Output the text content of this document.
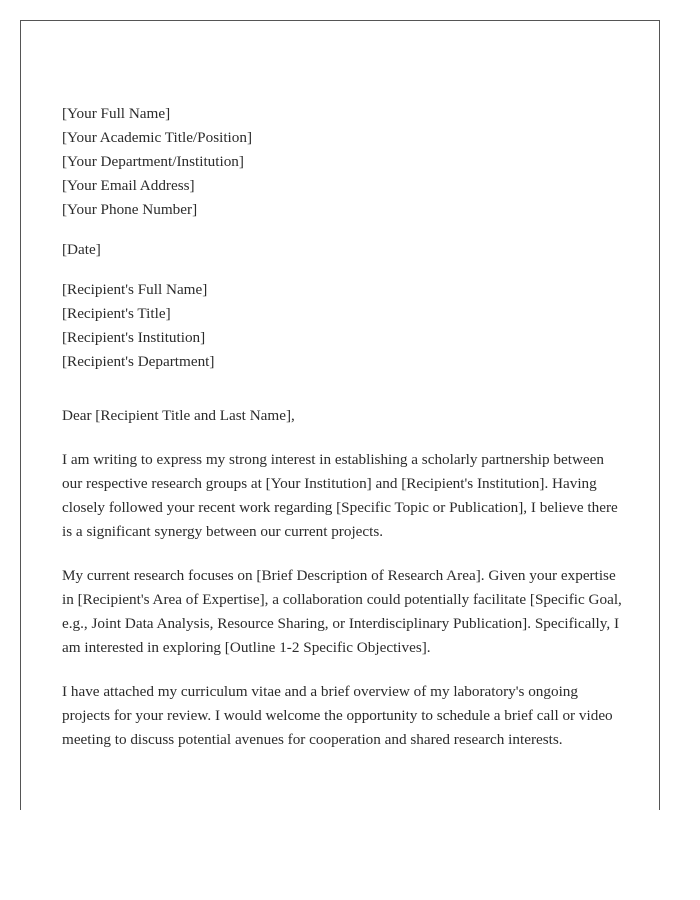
[Your Full Name]
[Your Academic Title/Position]
[Your Department/Institution]
[Your Email Address]
[Your Phone Number]
[Date]
[Recipient's Full Name]
[Recipient's Title]
[Recipient's Institution]
[Recipient's Department]

Dear [Recipient Title and Last Name],

I am writing to express my strong interest in establishing a scholarly partnership between our respective research groups at [Your Institution] and [Recipient's Institution]. Having closely followed your recent work regarding [Specific Topic or Publication], I believe there is a significant synergy between our current projects.

My current research focuses on [Brief Description of Research Area]. Given your expertise in [Recipient's Area of Expertise], a collaboration could potentially facilitate [Specific Goal, e.g., Joint Data Analysis, Resource Sharing, or Interdisciplinary Publication]. Specifically, I am interested in exploring [Outline 1-2 Specific Objectives].

I have attached my curriculum vitae and a brief overview of my laboratory's ongoing projects for your review. I would welcome the opportunity to schedule a brief call or video meeting to discuss potential avenues for cooperation and shared research interests.
